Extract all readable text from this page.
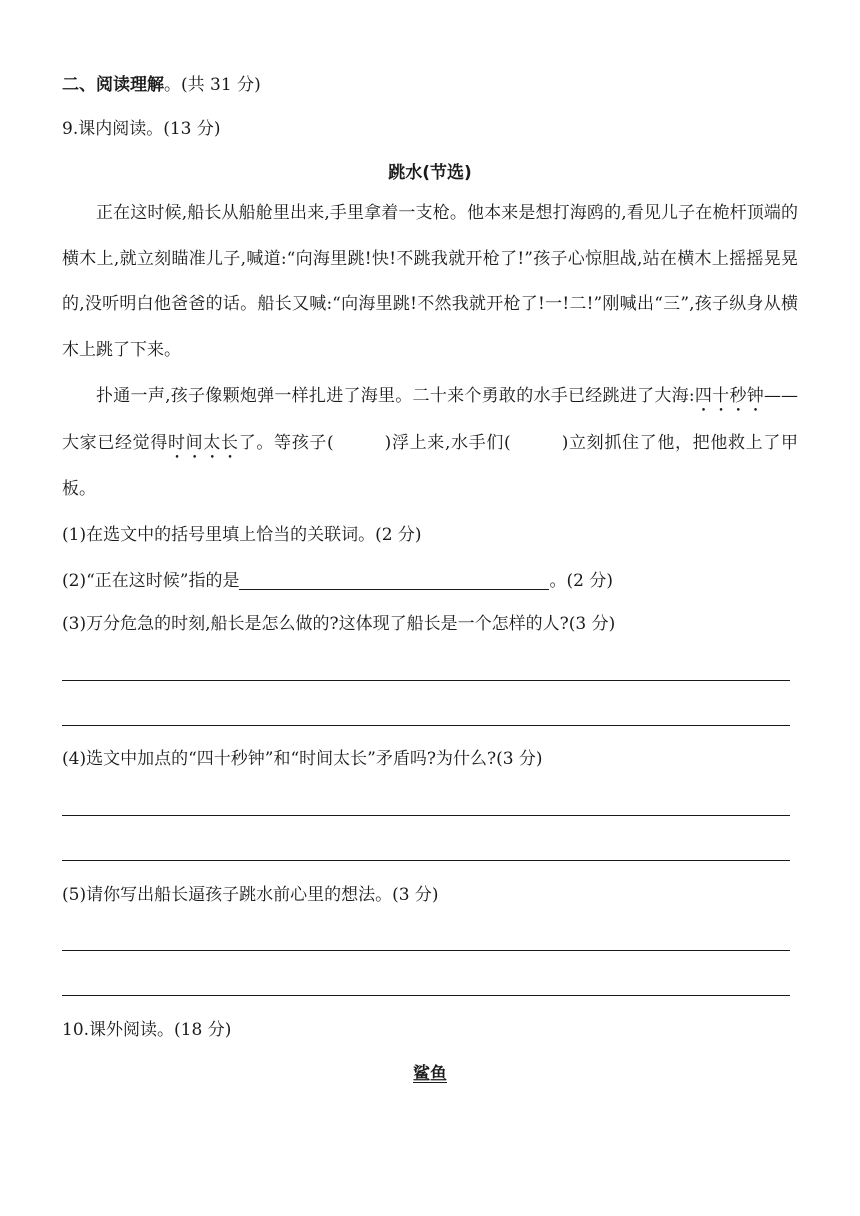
二、阅读理解。(共 31 分)
9.课内阅读。(13 分)
跳水(节选)

正在这时候,船长从船舱里出来,手里拿着一支枪。他本来是想打海鸥的,看见儿子在桅杆顶端的横木上,就立刻瞄准儿子,喊道:“向海里跳!快!不跳我就开枪了!”孩子心惊胆战,站在横木上摇摇晃晃的,没听明白他爸爸的话。船长又喊:“向海里跳!不然我就开枪了!一!二!”刚喊出“三”,孩子纵身从横木上跳了下来。

扑通一声,孩子像颗炮弹一样扎进了海里。二十来个勇敢的水手已经跳进了大海:四十秒钟—— 大家已经觉得时间太长了。等孩子(	)浮上来,水手们(	)立刻抓住了他，把他救上了甲板。

(1)在选文中的括号里填上恰当的关联词。(2 分)
(2)“正在这时候”指的是	。(2 分)
(3)万分危急的时刻,船长是怎么做的?这体现了船长是一个怎样的人?(3 分)
(4)选文中加点的“四十秒钟”和“时间太长”矛盾吗?为什么?(3 分)
(5)请你写出船长逼孩子跳水前心里的想法。(3 分)
10.课外阅读。(18 分)
鲨鱼
